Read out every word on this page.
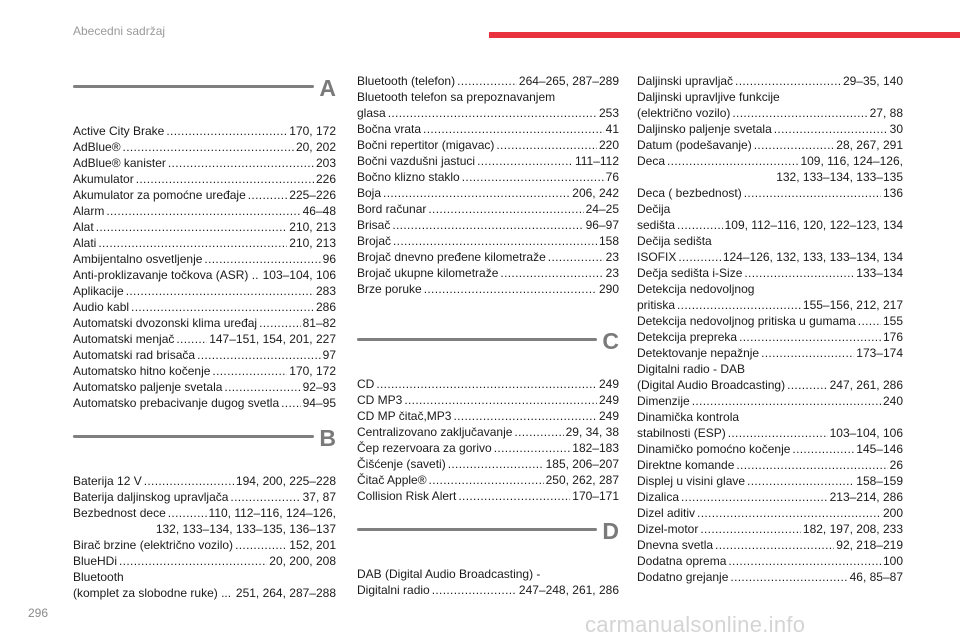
Abecedni sadržaj
A
Active City Brake . . .	170, 172
AdBlue® . . .	20, 202
AdBlue® kanister . . .	203
Akumulator . . .	226
Akumulator za pomoćne uređaje . . .	225–226
Alarm . . .	46–48
Alat . . .	210, 213
Alati . . .	210, 213
Ambijentalno osvetljenje . . .	96
Anti-proklizavanje točkova (ASR) .. . . . 103–104, 106
Aplikacije . . .	283
Audio kabl . . .	286
Automatski dvozonski klima uređaj . . .	81–82
Automatski menjač . . .	147–151, 154, 201, 227
Automatski rad brisača . . .	97
Automatsko hitno kočenje . . .	170, 172
Automatsko paljenje svetala . . .	92–93
Automatsko prebacivanje dugog svetla . . . 94–95
B
Baterija 12 V . . .	194, 200, 225–228
Baterija daljinskog upravljača . . .	37, 87
Bezbednost dece . . .	110, 112–116, 124–126,
132, 133–134, 133–135, 136–137
Birač brzine (električno vozilo) . . .	152, 201
BlueHDi . . .	20, 200, 208
Bluetooth
(komplet za slobodne ruke) ... 251, 264, 287–288
Bluetooth (telefon) . . .	264–265, 287–289
Bluetooth telefon sa prepoznavanjem
glasa . . .	253
Bočna vrata . . .	41
Bočni repertitor (migavac) . . .	220
Bočni vazdušni jastuci . . .	111–112
Bočno klizno staklo . . .	76
Boja . . .	206, 242
Bord računar . . .	24–25
Brisač . . .	96–97
Brojač . . .	158
Brojač dnevno pređene kilometraže . . .	23
Brojač ukupne kilometraže . . .	23
Brze poruke . . .	290
C
CD . . .	249
CD MP3 . . .	249
CD MP čitač,MP3 . . .	249
Centralizovano zaključavanje . . .	29, 34, 38
Čep rezervoara za gorivo . . .	182–183
Čišćenje (saveti) . . .	185, 206–207
Čitač Apple® . . .	250, 262, 287
Collision Risk Alert . . .	170–171
D
DAB (Digital Audio Broadcasting) -
Digitalni radio . . .	247–248, 261, 286
Daljinski upravljač . . .	29–35, 140
Daljinski upravljive funkcije
(električno vozilo) . . .	27, 88
Daljinsko paljenje svetala . . .	30
Datum (podešavanje) . . .	28, 267, 291
Deca . . .	109, 116, 124–126,
132, 133–134, 133–135
Deca ( bezbednost) . . .	136
Dečija
sedišta . . .	109, 112–116, 120, 122–123, 134
Dečija sedišta
ISOFIX . . .	124–126, 132, 133, 133–134, 134
Dečja sedišta i-Size . . .	133–134
Detekcija nedovoljnog
pritiska . . .	155–156, 212, 217
Detekcija nedovoljnog pritiska u gumama . . . 155
Detekcija prepreka . . .	176
Detektovanje nepažnje . . .	173–174
Digitalni radio - DAB
(Digital Audio Broadcasting) . . .	247, 261, 286
Dimenzije . . .	240
Dinamička kontrola
stabilnosti (ESP) . . .	103–104, 106
Dinamičko pomoćno kočenje . . .	145–146
Direktne komande . . .	26
Displej u visini glave . . .	158–159
Dizalica . . .	213–214, 286
Dizel aditiv . . .	200
Dizel-motor . . .	182, 197, 208, 233
Dnevna svetla . . .	92, 218–219
Dodatna oprema . . .	100
Dodatno grejanje . . .	46, 85–87
296	carmanualsonline.info
